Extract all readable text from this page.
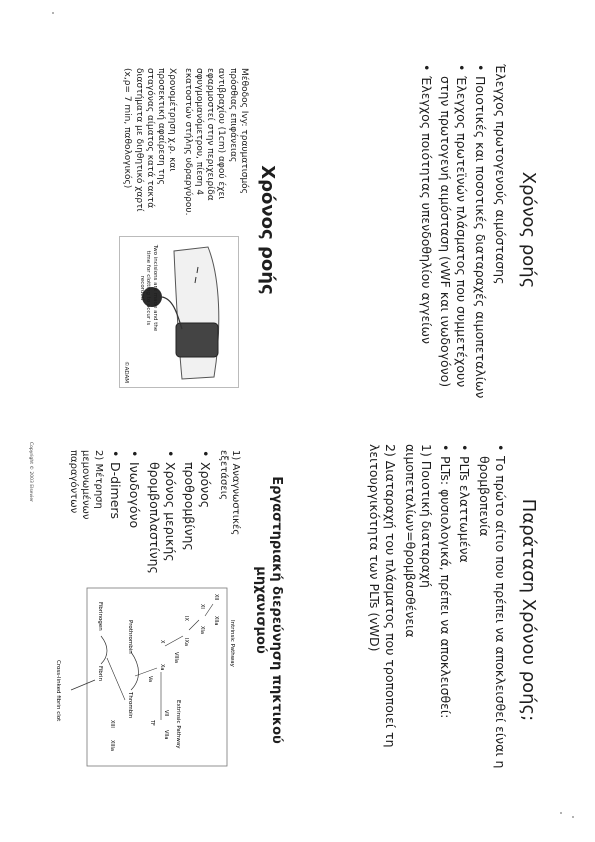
Χρόνος ροής
Έλεγχος πρωτογενούς αιμόστασης
• Ποιοτικές και ποσοτικές διαταραχές αιμοπεταλίων
• Έλεγχος πρωτεϊνών πλάσματος που συμμετέχουν στην πρωτογενή αιμόσταση (vWF και ινωδογόνο)
• Έλεγχος ποιότητας υπενδοθηλίου αγγείων
Χρόνος ροής

Μέθοδος Ivy: τραυματισμός πρόσθιας επιφάνειας αντιβραχίου (1cm) αφού έχει εφαρμοστεί στην περιχειρίδα σφυγμομανόμετρου, πίεση 4 εκατοστών στήλης υδραργύρου.

Χρονομέτρηση χ.ρ. και προσεκτική αφαίρεση της σταγόνας αίματος κατά τακτά διαστήματα με διηθητικό χαρτί (x,ρ= 7 min, παθολογικός)

Two incisions are made and the time for clotting to occur is recorded
©ADAM
Παράταση Χρόνου ροής;
• Το πρώτο αίτιο που πρέπει να αποκλεισθεί είναι η θρομβοπενία
• PLTs ελαττωμένα
• PLTs: φυσιολογικά, πρέπει να αποκλεισθεί:
1) Ποιοτική διαταραχή αιμοπεταλίων=θρομβασθένεια
2) Διαταραχή του πλάσματος που τροποποιεί τη λειτουργικότητα των PLTs (vWD)
Εργαστηριακή διερεύνηση πηκτικού μηχανισμού
1) Αναγνωστικές εξετάσεις
• Χρόνος προθρομβίνης
• Χρόνος μερικής θρομβοπλαστίνης
• Ινωδογόνο
• D-dimers
2) Μέτρηση μεμονωμένων παραγόντων
Intrinsic Pathway
Extrinsic Pathway
XII
XIIa
XI
XIa
IX
IXa
VIIIa
X
Xa
Va
VII
VIIa
TF
Prothrombin
Thrombin
Fibrinogen
Fibrin
XIII
XIIIa
Cross-linked fibrin clot
Copyright © 2003 Elsevier
